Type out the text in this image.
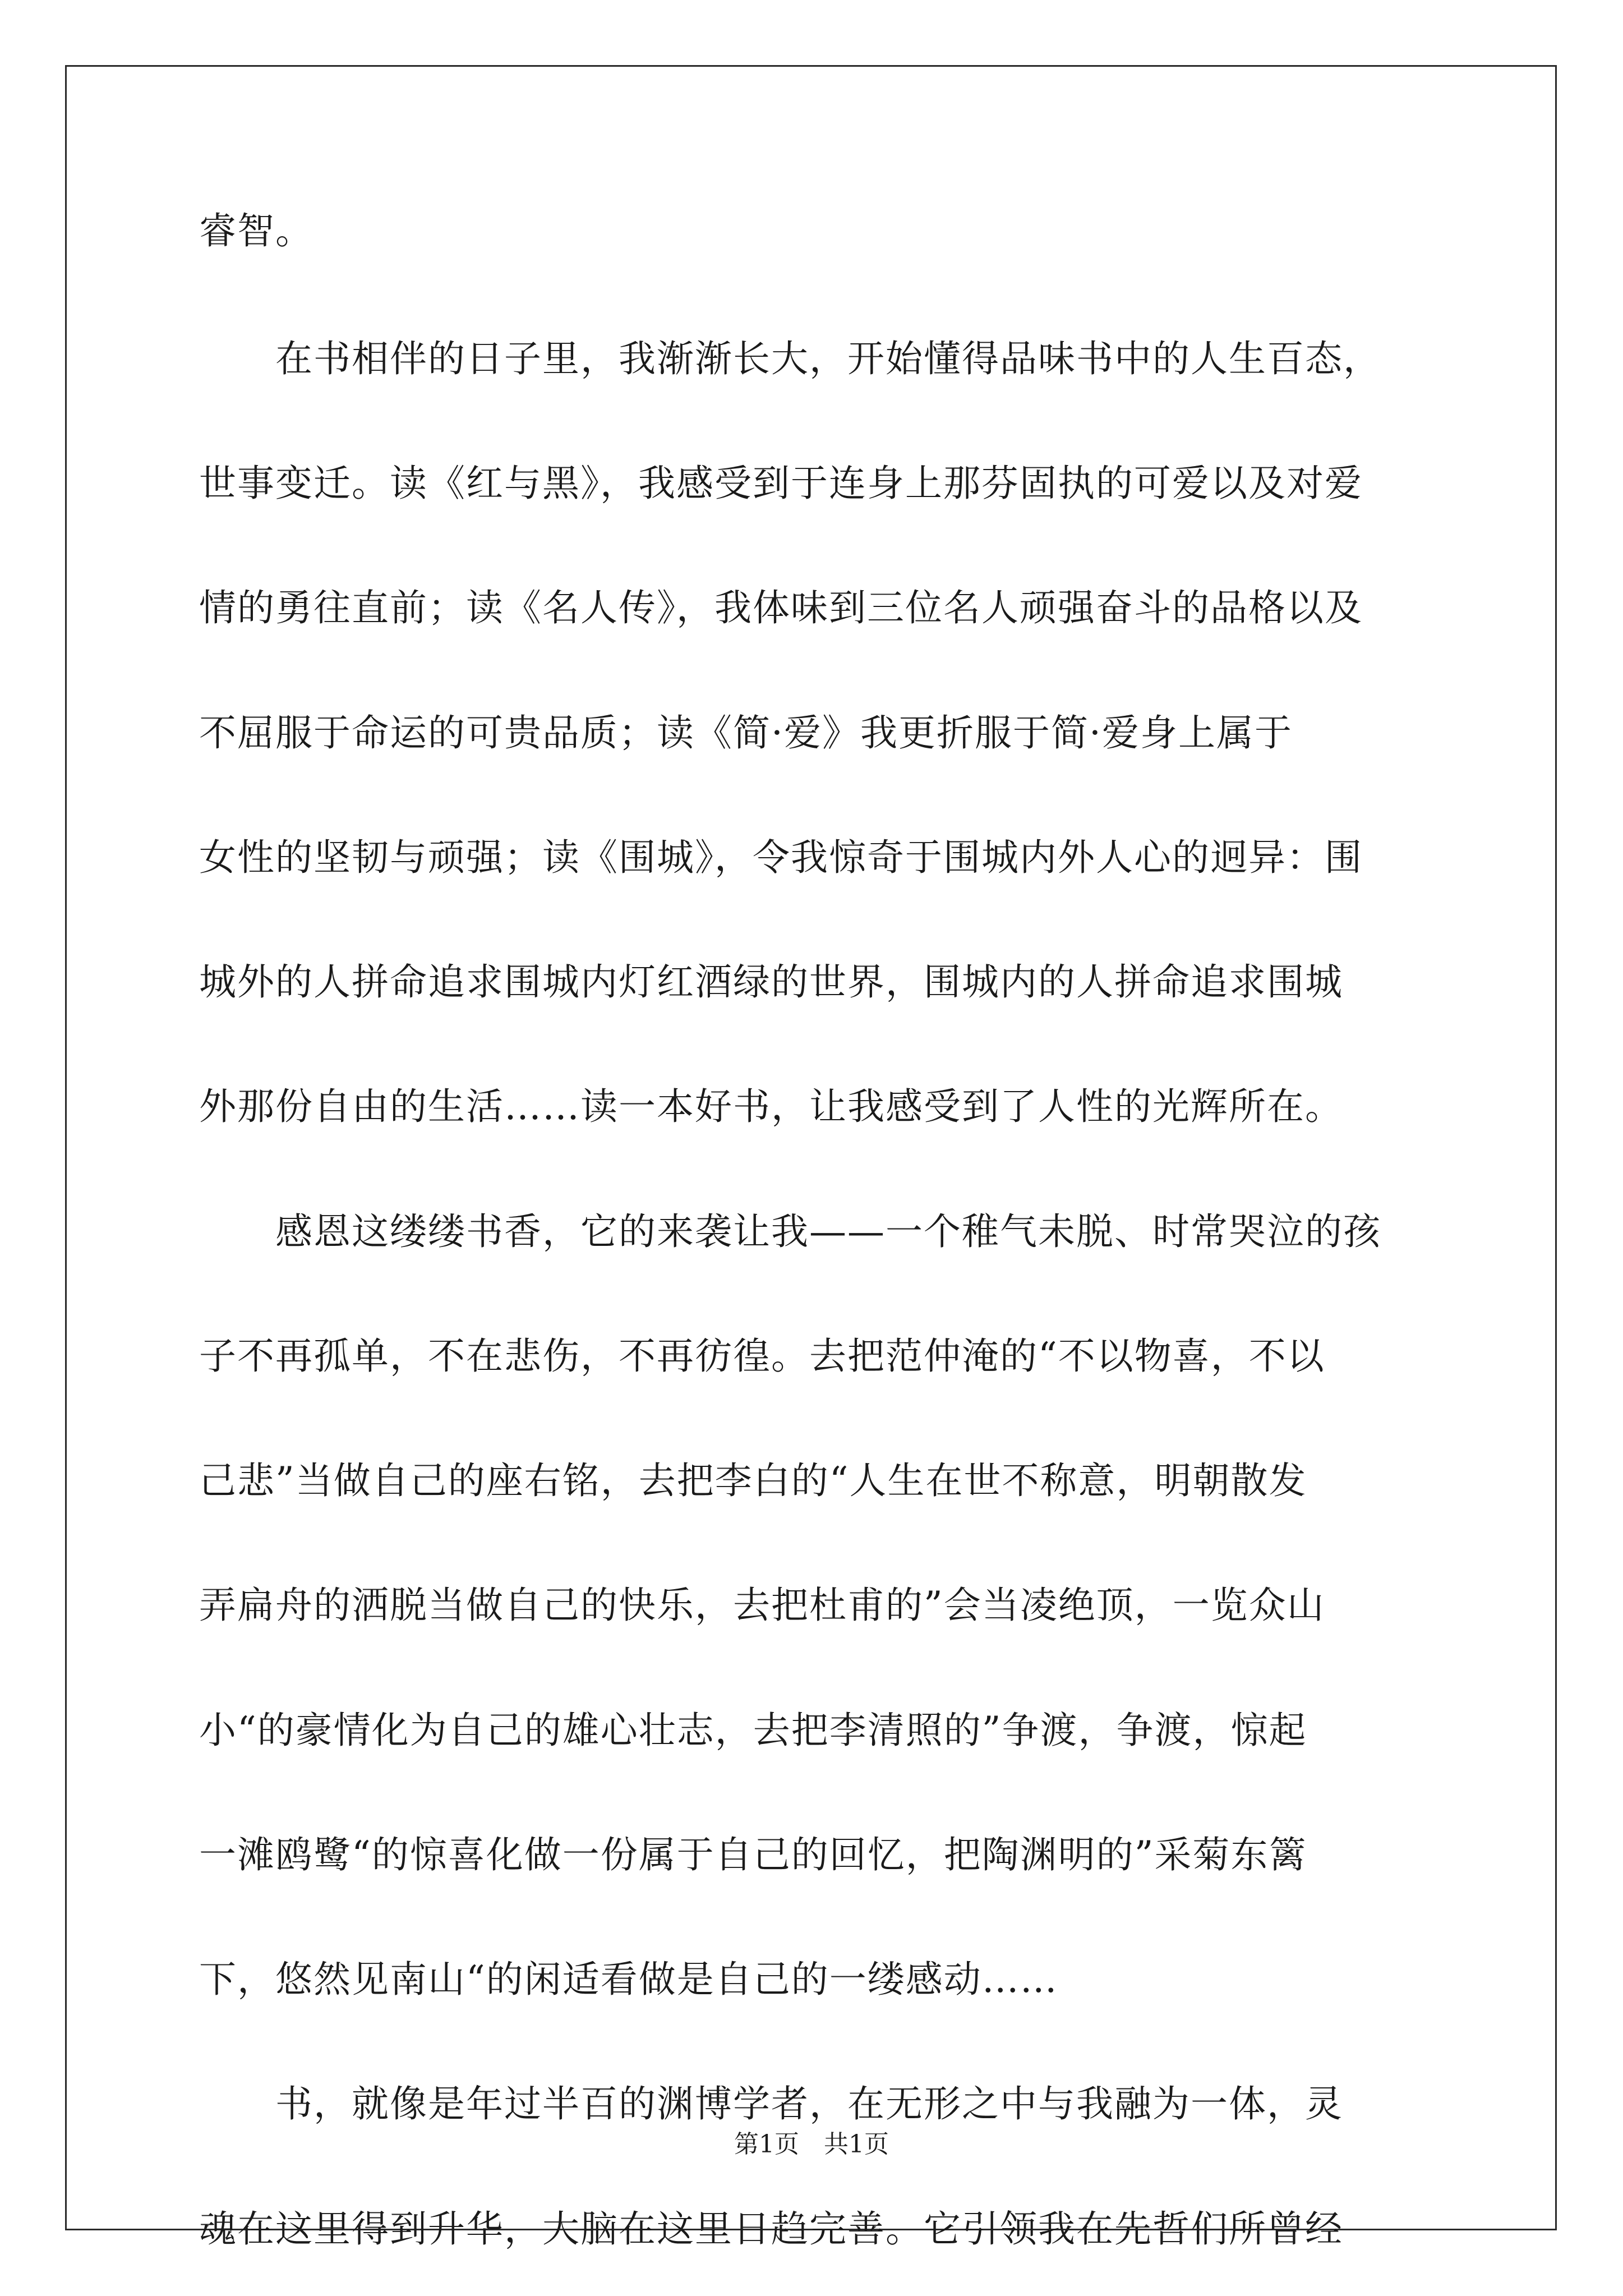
睿智。
　　在书相伴的日子里，我渐渐长大，开始懂得品味书中的人生百态，
世事变迁。读《红与黑》，我感受到于连身上那芬固执的可爱以及对爱
情的勇往直前；读《名人传》，我体味到三位名人顽强奋斗的品格以及
不屈服于命运的可贵品质；读《简·爱》我更折服于简·爱身上属于
女性的坚韧与顽强；读《围城》，令我惊奇于围城内外人心的迥异：围
城外的人拼命追求围城内灯红酒绿的世界，围城内的人拼命追求围城
外那份自由的生活……读一本好书，让我感受到了人性的光辉所在。
　　感恩这缕缕书香，它的来袭让我——一个稚气未脱、时常哭泣的孩
子不再孤单，不在悲伤，不再彷徨。去把范仲淹的“不以物喜，不以
己悲”当做自己的座右铭，去把李白的“人生在世不称意，明朝散发
弄扁舟的洒脱当做自己的快乐，去把杜甫的”会当凌绝顶，一览众山
小“的豪情化为自己的雄心壮志，去把李清照的”争渡，争渡，惊起
一滩鸥鹭“的惊喜化做一份属于自己的回忆，把陶渊明的”采菊东篱
下，悠然见南山“的闲适看做是自己的一缕感动……
　　书，就像是年过半百的渊博学者，在无形之中与我融为一体，灵
魂在这里得到升华，大脑在这里日趋完善。它引领我在先哲们所曾经
第1页　共1页
